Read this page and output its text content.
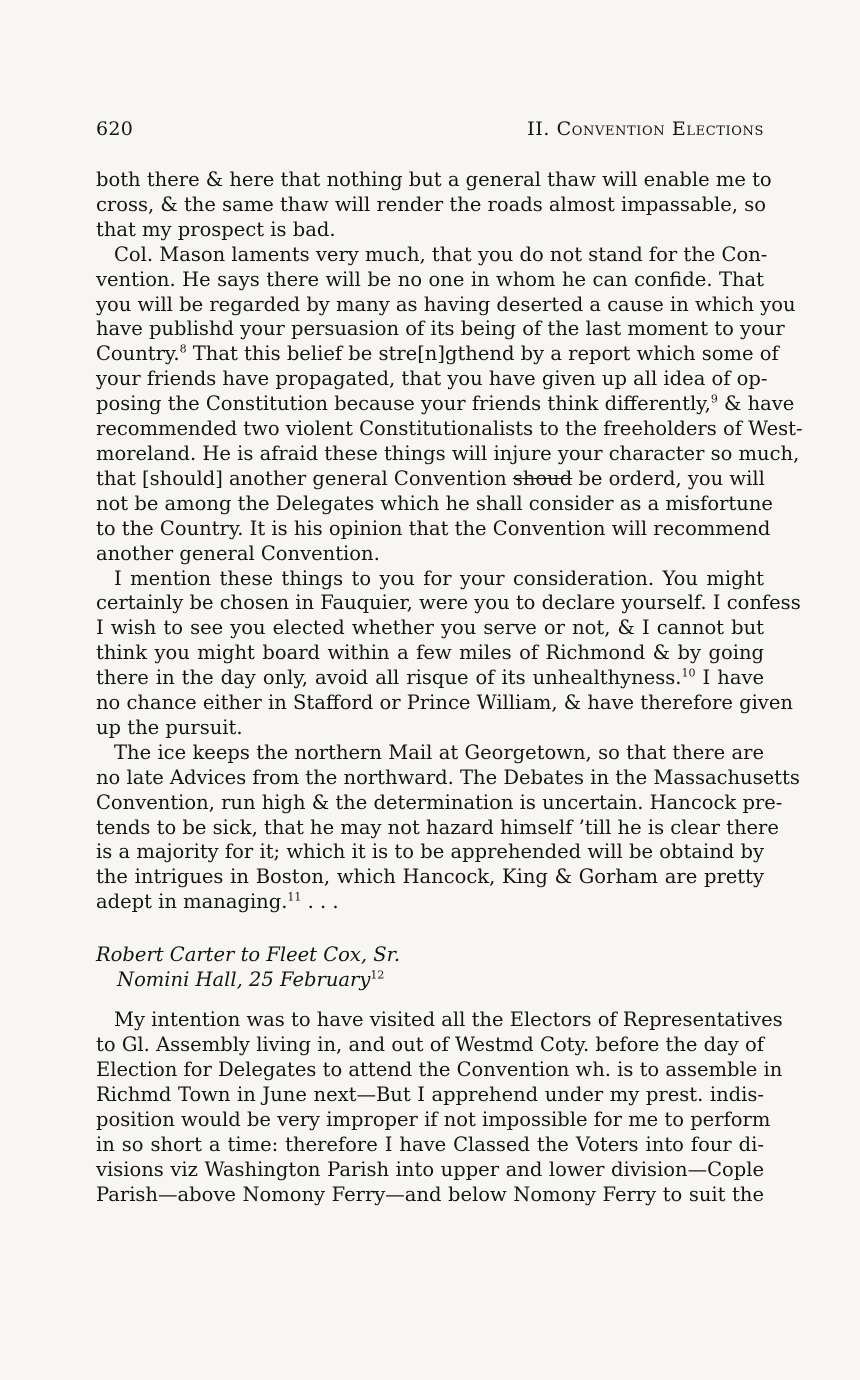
620	II. Convention Elections
both there & here that nothing but a general thaw will enable me to
cross, & the same thaw will render the roads almost impassable, so
that my prospect is bad.
Col. Mason laments very much, that you do not stand for the Con-
vention. He says there will be no one in whom he can confide. That
you will be regarded by many as having deserted a cause in which you
have publishd your persuasion of its being of the last moment to your
Country.$^8$ That this belief be stre[n]gthend by a report which some of
your friends have propagated, that you have given up all idea of op-
posing the Constitution because your friends think differently,$^9$ & have
recommended two violent Constitutionalists to the freeholders of West-
moreland. He is afraid these things will injure your character so much,
that [should] another general Convention shoud be orderd, you will
not be among the Delegates which he shall consider as a misfortune
to the Country. It is his opinion that the Convention will recommend
another general Convention.
I mention these things to you for your consideration. You might
certainly be chosen in Fauquier, were you to declare yourself. I confess
I wish to see you elected whether you serve or not, & I cannot but
think you might board within a few miles of Richmond & by going
there in the day only, avoid all risque of its unhealthyness.$^{10}$ I have
no chance either in Stafford or Prince William, & have therefore given
up the pursuit.
The ice keeps the northern Mail at Georgetown, so that there are
no late Advices from the northward. The Debates in the Massachusetts
Convention, run high & the determination is uncertain. Hancock pre-
tends to be sick, that he may not hazard himself ’till he is clear there
is a majority for it; which it is to be apprehended will be obtaind by
the intrigues in Boston, which Hancock, King & Gorham are pretty
adept in managing.$^{11}$ . . .
Robert Carter to Fleet Cox, Sr.
Nomini Hall, 25 February$^{12}$
My intention was to have visited all the Electors of Representatives
to Gl. Assembly living in, and out of Westmd Coty. before the day of
Election for Delegates to attend the Convention wh. is to assemble in
Richmd Town in June next—But I apprehend under my prest. indis-
position would be very improper if not impossible for me to perform
in so short a time: therefore I have Classed the Voters into four di-
visions viz Washington Parish into upper and lower division—Cople
Parish—above Nomony Ferry—and below Nomony Ferry to suit the
